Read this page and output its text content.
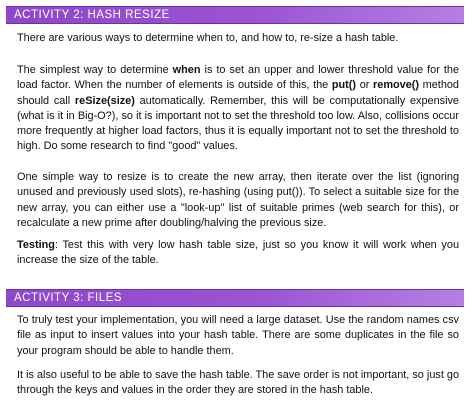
ACTIVITY 2: HASH RESIZE

There are various ways to determine when to, and how to, re-size a hash table.

The simplest way to determine when is to set an upper and lower threshold value for the load factor. When the number of elements is outside of this, the put() or remove() method should call reSize(size) automatically. Remember, this will be computationally expensive (what is it in Big-O?), so it is important not to set the threshold too low. Also, collisions occur more frequently at higher load factors, thus it is equally important not to set the threshold to high. Do some research to find "good" values.

One simple way to resize is to create the new array, then iterate over the list (ignoring unused and previously used slots), re-hashing (using put()). To select a suitable size for the new array, you can either use a "look-up" list of suitable primes (web search for this), or recalculate a new prime after doubling/halving the previous size.

Testing: Test this with very low hash table size, just so you know it will work when you increase the size of the table.

ACTIVITY 3: FILES

To truly test your implementation, you will need a large dataset. Use the random names csv file as input to insert values into your hash table. There are some duplicates in the file so your program should be able to handle them.

It is also useful to be able to save the hash table. The save order is not important, so just go through the keys and values in the order they are stored in the hash table.
